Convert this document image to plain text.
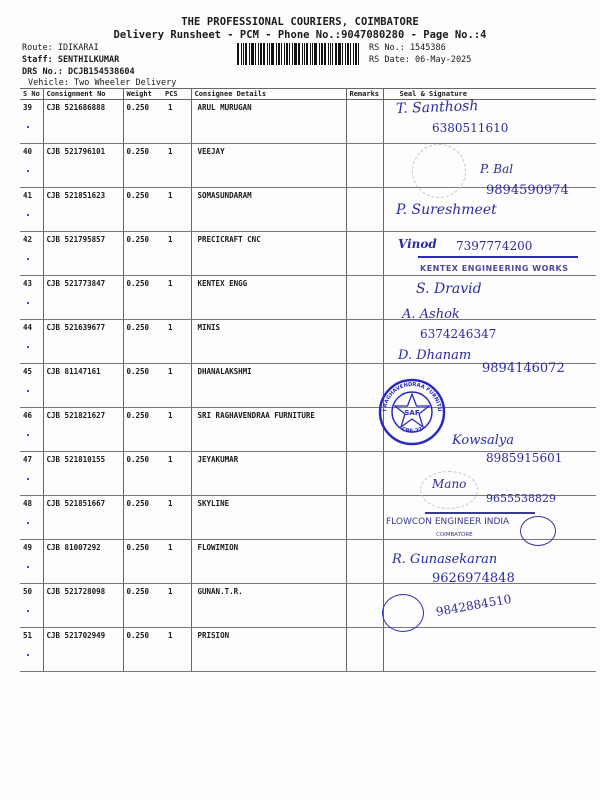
THE PROFESSIONAL COURIERS, COIMBATORE
Delivery Runsheet - PCM - Phone No.:9047080280 - Page No.:4
Route: IDIKARAI
Staff: SENTHILKUMAR
DRS No.: DCJB154538604
Vehicle: Two Wheeler Delivery
RS No.: 1545386
RS Date: 06-May-2025
S No	Consignment No	Weight	PCS	Consignee Details	Remarks	Seal & Signature
39	CJB 521686888	0.250	1	ARUL MURUGAN		
40	CJB 521796101	0.250	1	VEEJAY		
41	CJB 521851623	0.250	1	SOMASUNDARAM		
42	CJB 521795857	0.250	1	PRECICRAFT CNC		
43	CJB 521773847	0.250	1	KENTEX ENGG		
44	CJB 521639677	0.250	1	MINIS		
45	CJB 81147161	0.250	1	DHANALAKSHMI		
46	CJB 521821627	0.250	1	SRI RAGHAVENDRAA FURNITURE		
47	CJB 521810155	0.250	1	JEYAKUMAR		
48	CJB 521851667	0.250	1	SKYLINE		
49	CJB 81007292	0.250	1	FLOWIMION		
50	CJB 521728098	0.250	1	GUNAN.T.R.		
51	CJB 521702949	0.250	1	PRISION		
T. Santhosh
6380511610
P. Bal
9894590974
P. Sureshmeet
Vinod 7397774200
KENTEX ENGINEERING WORKS
S. Dravid
A. Ashok
6374246347
D. Dhanam
9894146072
SRI RAGHAVENDRAA FURNITURE
SAF
CBE-22
Kowsalya
8985915601
Mano
9655538829
FLOWCON ENGINEER INDIA
COIMBATORE
R. Gunasekaran
9626974848
9842884510
